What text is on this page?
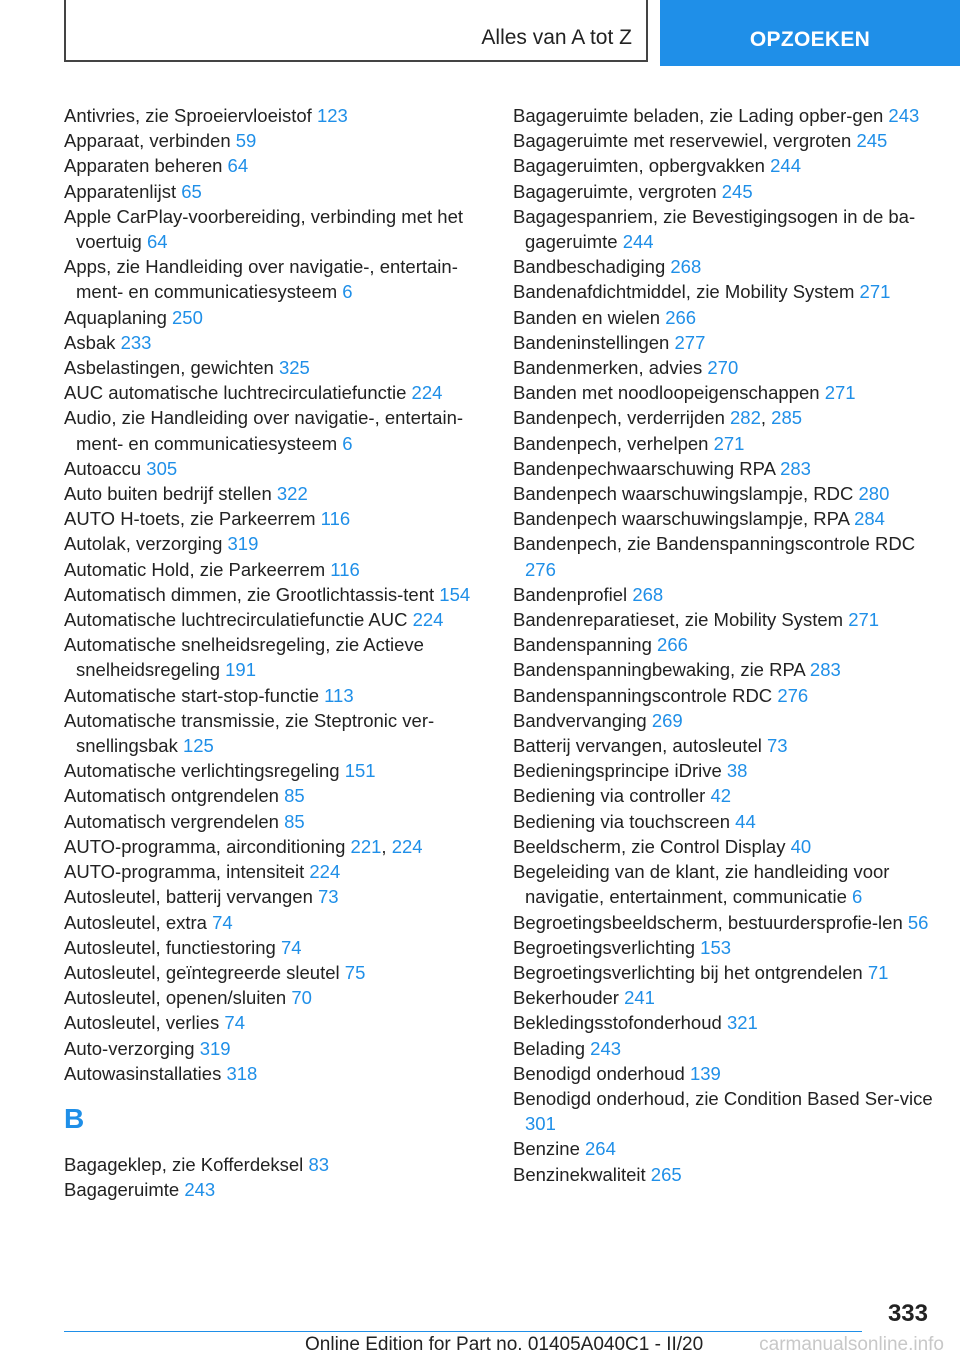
Alles van A tot Z	OPZOEKEN
Antivries, zie Sproeiervloeistof 123
Apparaat, verbinden 59
Apparaten beheren 64
Apparatenlijst 65
Apple CarPlay-voorbereiding, verbinding met het voertuig 64
Apps, zie Handleiding over navigatie-, entertain‐ment- en communicatiesysteem 6
Aquaplaning 250
Asbak 233
Asbelastingen, gewichten 325
AUC automatische luchtrecirculatiefunctie 224
Audio, zie Handleiding over navigatie-, entertain‐ment- en communicatiesysteem 6
Autoaccu 305
Auto buiten bedrijf stellen 322
AUTO H-toets, zie Parkeerrem 116
Autolak, verzorging 319
Automatic Hold, zie Parkeerrem 116
Automatisch dimmen, zie Grootlichtassis‐tent 154
Automatische luchtrecirculatiefunctie AUC 224
Automatische snelheidsregeling, zie Actieve snelheidsregeling 191
Automatische start-stop-functie 113
Automatische transmissie, zie Steptronic ver‐snellingsbak 125
Automatische verlichtingsregeling 151
Automatisch ontgrendelen 85
Automatisch vergrendelen 85
AUTO-programma, airconditioning 221, 224
AUTO-programma, intensiteit 224
Autosleutel, batterij vervangen 73
Autosleutel, extra 74
Autosleutel, functiestoring 74
Autosleutel, geïntegreerde sleutel 75
Autosleutel, openen/sluiten 70
Autosleutel, verlies 74
Auto-verzorging 319
Autowasinstallaties 318
B
Bagageklep, zie Kofferdeksel 83
Bagageruimte 243
Bagageruimte beladen, zie Lading opber‐gen 243
Bagageruimte met reservewiel, vergroten 245
Bagageruimten, opbergvakken 244
Bagageruimte, vergroten 245
Bagagespanriem, zie Bevestigingsogen in de ba‐gageruimte 244
Bandbeschadiging 268
Bandenafdichtmiddel, zie Mobility System 271
Banden en wielen 266
Bandeninstellingen 277
Bandenmerken, advies 270
Banden met noodloopeigenschappen 271
Bandenpech, verderrijden 282, 285
Bandenpech, verhelpen 271
Bandenpechwaarschuwing RPA 283
Bandenpech waarschuwingslampje, RDC 280
Bandenpech waarschuwingslampje, RPA 284
Bandenpech, zie Bandenspanningscontrole RDC 276
Bandenprofiel 268
Bandenreparatieset, zie Mobility System 271
Bandenspanning 266
Bandenspanningbewaking, zie RPA 283
Bandenspanningscontrole RDC 276
Bandvervanging 269
Batterij vervangen, autosleutel 73
Bedieningsprincipe iDrive 38
Bediening via controller 42
Bediening via touchscreen 44
Beeldscherm, zie Control Display 40
Begeleiding van de klant, zie handleiding voor navigatie, entertainment, communicatie 6
Begroetingsbeeldscherm, bestuurdersprofie‐len 56
Begroetingsverlichting 153
Begroetingsverlichting bij het ontgrendelen 71
Bekerhouder 241
Bekledingsstofonderhoud 321
Belading 243
Benodigd onderhoud 139
Benodigd onderhoud, zie Condition Based Ser‐vice 301
Benzine 264
Benzinekwaliteit 265
333
Online Edition for Part no. 01405A040C1 - II/20	carmanualsonline.info
